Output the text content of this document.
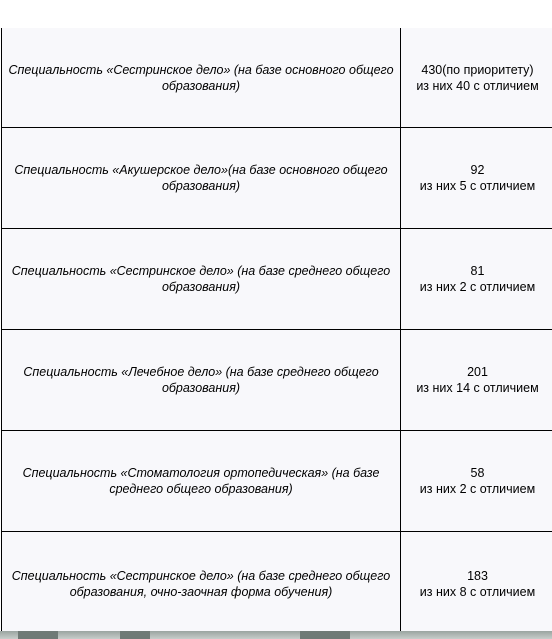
Специальность «Сестринское дело» (на базе основного общего образования)
430(по приоритету)
из них 40 с отличием
Специальность «Акушерское дело»(на базе основного общего образования)
92
из них 5 с отличием
Специальность «Сестринское дело» (на базе среднего общего образования)
81
из них 2 с отличием
Специальность «Лечебное дело» (на базе среднего общего образования)
201
из них 14 с отличием
Специальность «Стоматология ортопедическая» (на базе среднего общего образования)
58
из них 2 с отличием
Специальность «Сестринское дело» (на базе среднего общего образования, очно-заочная форма обучения)
183
из них 8 с отличием
